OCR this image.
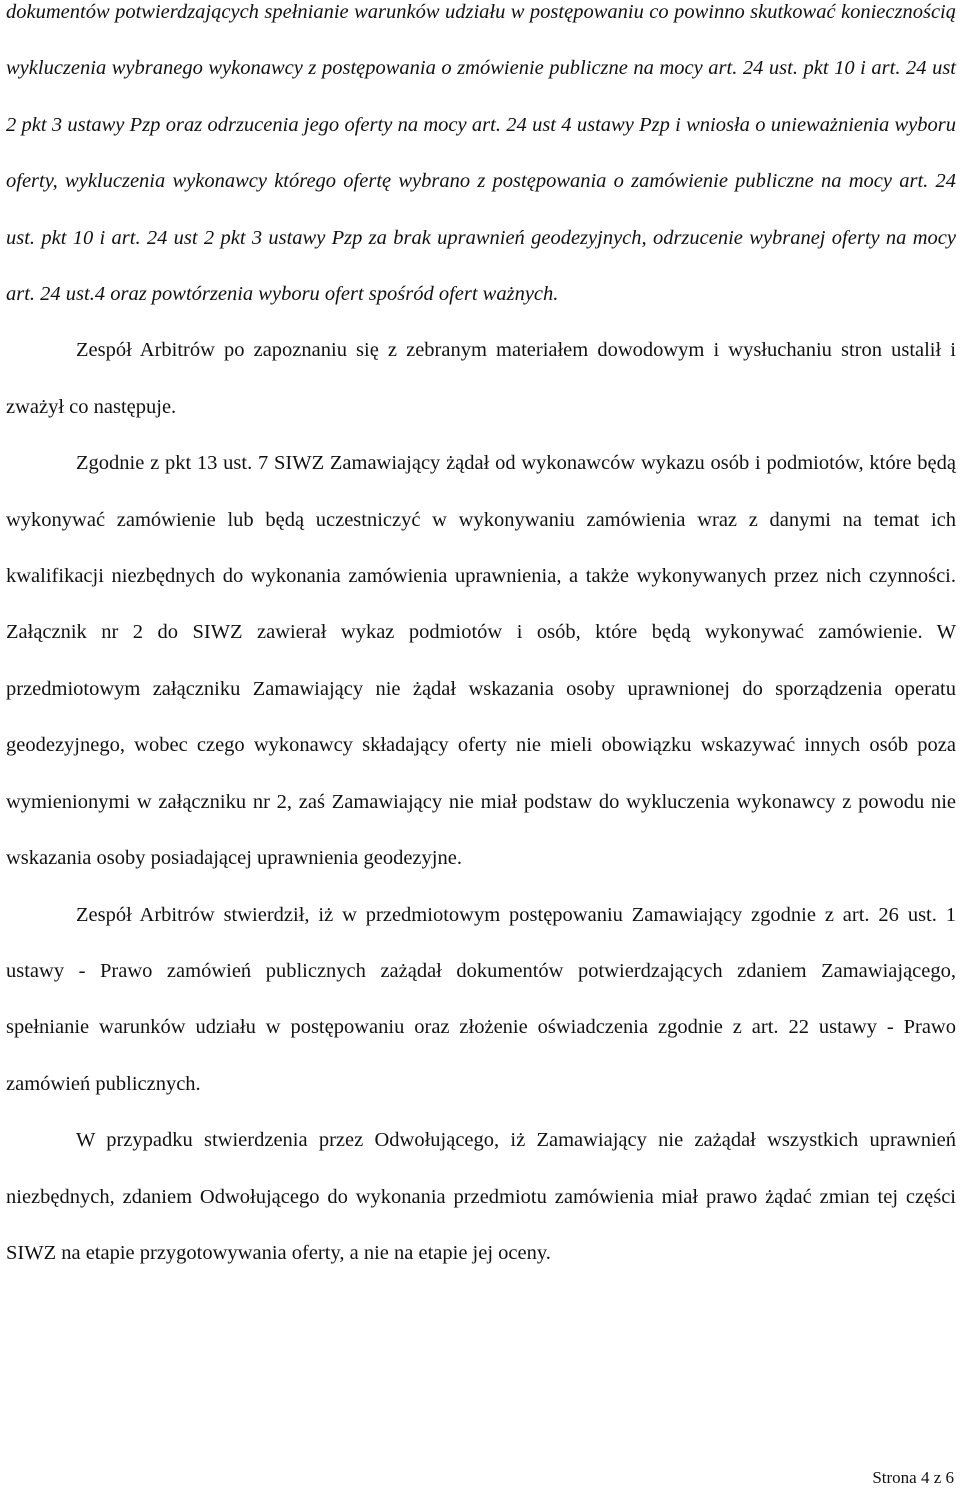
dokumentów potwierdzających spełnianie warunków udziału w postępowaniu co powinno skutkować koniecznością wykluczenia wybranego wykonawcy z postępowania o zmówienie publiczne na mocy art. 24 ust. pkt 10 i art. 24 ust 2 pkt 3 ustawy Pzp oraz odrzucenia jego oferty na mocy art. 24 ust 4 ustawy Pzp i wniosła o unieważnienia wyboru oferty, wykluczenia wykonawcy którego ofertę wybrano z postępowania o zamówienie publiczne na mocy art. 24 ust. pkt 10 i art. 24 ust 2 pkt 3 ustawy Pzp za brak uprawnień geodezyjnych, odrzucenie wybranej oferty na mocy art. 24 ust.4 oraz powtórzenia wyboru ofert spośród ofert ważnych.

Zespół Arbitrów po zapoznaniu się z zebranym materiałem dowodowym i wysłuchaniu stron ustalił i zważył co następuje.

Zgodnie z pkt 13 ust. 7 SIWZ Zamawiający żądał od wykonawców wykazu osób i podmiotów, które będą wykonywać zamówienie lub będą uczestniczyć w wykonywaniu zamówienia wraz z danymi na temat ich kwalifikacji niezbędnych do wykonania zamówienia uprawnienia, a także wykonywanych przez nich czynności. Załącznik nr 2 do SIWZ zawierał wykaz podmiotów i osób, które będą wykonywać zamówienie. W przedmiotowym załączniku Zamawiający nie żądał wskazania osoby uprawnionej do sporządzenia operatu geodezyjnego, wobec czego wykonawcy składający oferty nie mieli obowiązku wskazywać innych osób poza wymienionymi w załączniku nr 2, zaś Zamawiający nie miał podstaw do wykluczenia wykonawcy z powodu nie wskazania osoby posiadającej uprawnienia geodezyjne.

Zespół Arbitrów stwierdził, iż w przedmiotowym postępowaniu Zamawiający zgodnie z art. 26 ust. 1 ustawy - Prawo zamówień publicznych zażądał dokumentów potwierdzających zdaniem Zamawiającego, spełnianie warunków udziału w postępowaniu oraz złożenie oświadczenia zgodnie z art. 22 ustawy - Prawo zamówień publicznych.

W przypadku stwierdzenia przez Odwołującego, iż Zamawiający nie zażądał wszystkich uprawnień niezbędnych, zdaniem Odwołującego do wykonania przedmiotu zamówienia miał prawo żądać zmian tej części SIWZ na etapie przygotowywania oferty, a nie na etapie jej oceny.

Strona 4 z 6
